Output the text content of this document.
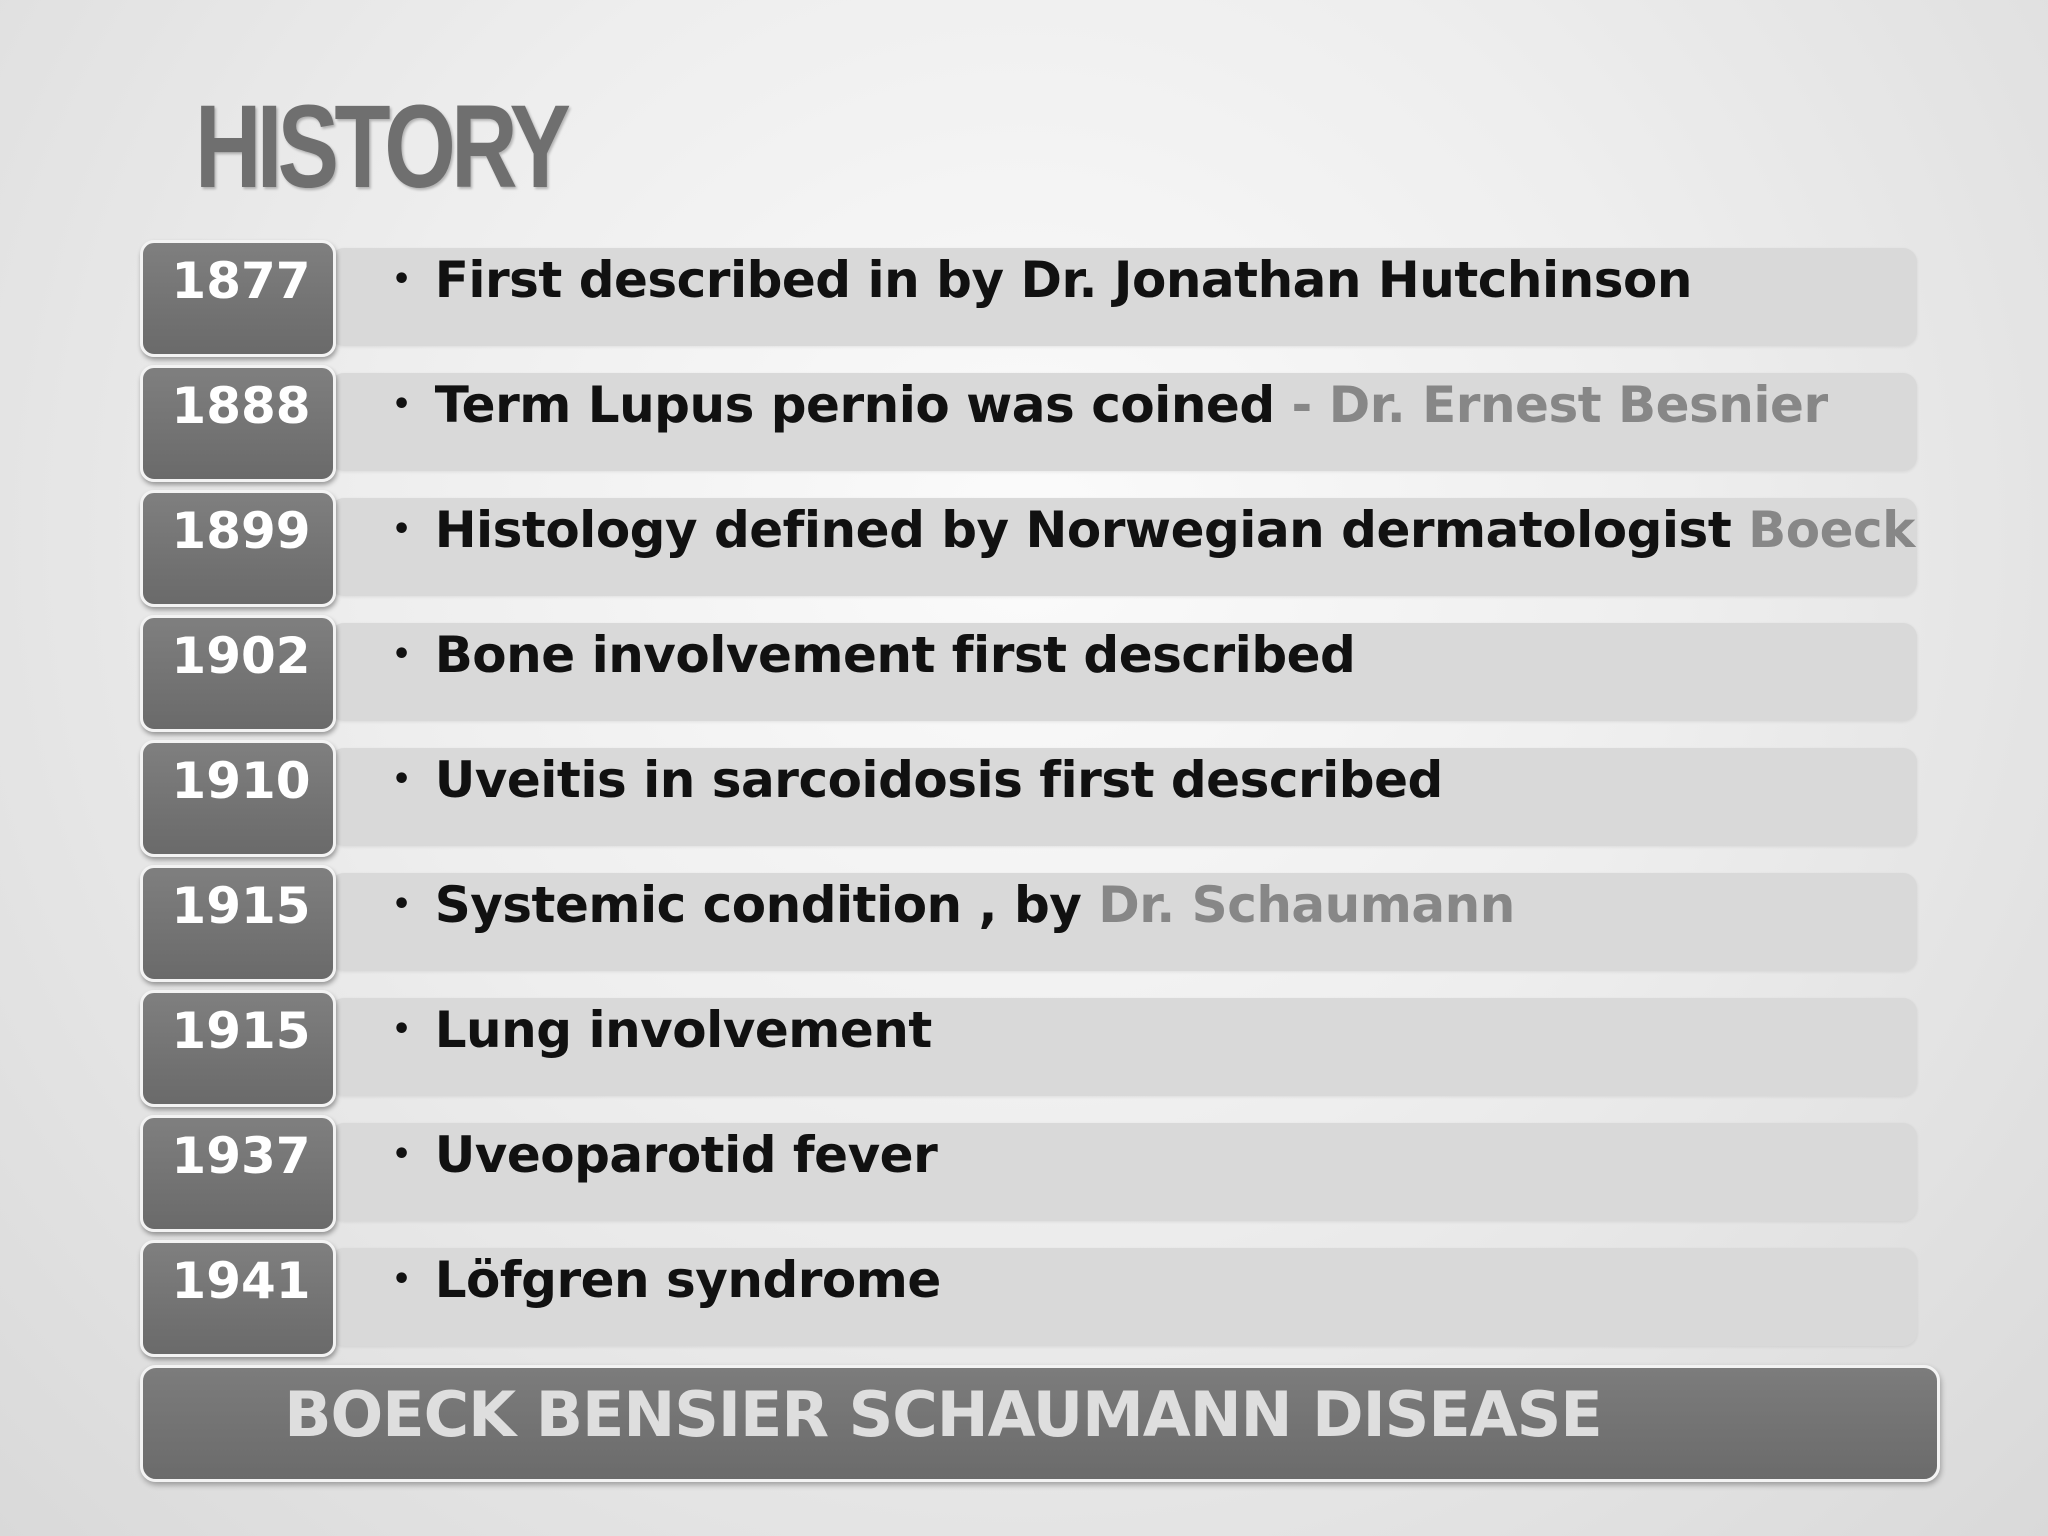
HISTORY
1877	• First described in by Dr. Jonathan Hutchinson
1888	• Term Lupus pernio was coined - Dr. Ernest Besnier
1899	• Histology defined by Norwegian dermatologist Boeck
1902	• Bone involvement first described
1910	• Uveitis in sarcoidosis first described
1915	• Systemic condition , by Dr. Schaumann
1915	• Lung involvement
1937	• Uveoparotid fever
1941	• Löfgren syndrome
BOECK BENSIER SCHAUMANN DISEASE
